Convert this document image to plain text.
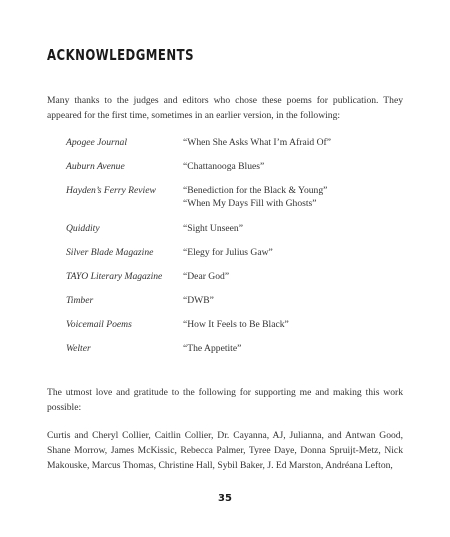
ACKNOWLEDGMENTS

Many thanks to the judges and editors who chose these poems for publication. They appeared for the first time, sometimes in an earlier version, in the following:

Apogee Journal	“When She Asks What I’m Afraid Of”
Auburn Avenue	“Chattanooga Blues”
Hayden’s Ferry Review	“Benediction for the Black & Young”
“When My Days Fill with Ghosts”
Quiddity	“Sight Unseen”
Silver Blade Magazine	“Elegy for Julius Gaw”
TAYO Literary Magazine	“Dear God”
Timber	“DWB”
Voicemail Poems	“How It Feels to Be Black”
Welter	“The Appetite”

The utmost love and gratitude to the following for supporting me and making this work possible:

Curtis and Cheryl Collier, Caitlin Collier, Dr. Cayanna, AJ, Julianna, and Antwan Good, Shane Morrow, James McKissic, Rebecca Palmer, Tyree Daye, Donna Spruijt-Metz, Nick Makouske, Marcus Thomas, Christine Hall, Sybil Baker, J. Ed Marston, Andréana Lefton,

35
